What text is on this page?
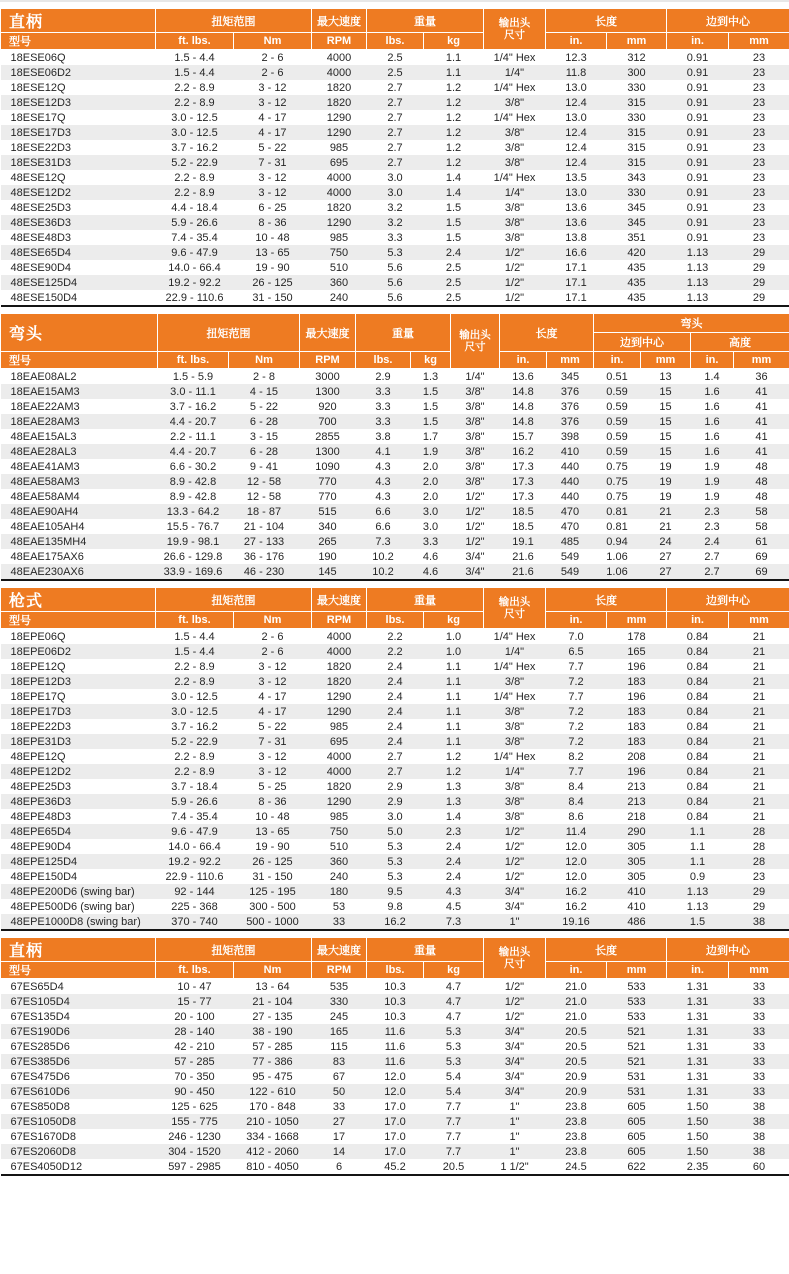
直柄	扭矩范围		最大速度	重量		输出头
尺寸	长度		边到中心	
型号	ft. lbs.	Nm	RPM	lbs.	kg		in.	mm	in.	mm
18ESE06Q	1.5 - 4.4	2 - 6	4000	2.5	1.1	1/4" Hex	12.3	312	0.91	23
18ESE06D2	1.5 - 4.4	2 - 6	4000	2.5	1.1	1/4"	11.8	300	0.91	23
18ESE12Q	2.2 - 8.9	3 - 12	1820	2.7	1.2	1/4" Hex	13.0	330	0.91	23
18ESE12D3	2.2 - 8.9	3 - 12	1820	2.7	1.2	3/8"	12.4	315	0.91	23
18ESE17Q	3.0 - 12.5	4 - 17	1290	2.7	1.2	1/4" Hex	13.0	330	0.91	23
18ESE17D3	3.0 - 12.5	4 - 17	1290	2.7	1.2	3/8"	12.4	315	0.91	23
18ESE22D3	3.7 - 16.2	5 - 22	985	2.7	1.2	3/8"	12.4	315	0.91	23
18ESE31D3	5.2 - 22.9	7 - 31	695	2.7	1.2	3/8"	12.4	315	0.91	23
48ESE12Q	2.2 - 8.9	3 - 12	4000	3.0	1.4	1/4" Hex	13.5	343	0.91	23
48ESE12D2	2.2 - 8.9	3 - 12	4000	3.0	1.4	1/4"	13.0	330	0.91	23
48ESE25D3	4.4 - 18.4	6 - 25	1820	3.2	1.5	3/8"	13.6	345	0.91	23
48ESE36D3	5.9 - 26.6	8 - 36	1290	3.2	1.5	3/8"	13.6	345	0.91	23
48ESE48D3	7.4 - 35.4	10 - 48	985	3.3	1.5	3/8"	13.8	351	0.91	23
48ESE65D4	9.6 - 47.9	13 - 65	750	5.3	2.4	1/2"	16.6	420	1.13	29
48ESE90D4	14.0 - 66.4	19 - 90	510	5.6	2.5	1/2"	17.1	435	1.13	29
48ESE125D4	19.2 - 92.2	26 - 125	360	5.6	2.5	1/2"	17.1	435	1.13	29
48ESE150D4	22.9 - 110.6	31 - 150	240	5.6	2.5	1/2"	17.1	435	1.13	29
弯头	扭矩范围		最大速度	重量		输出头
尺寸	长度		弯头			
									边到中心		高度	
型号	ft. lbs.	Nm	RPM	lbs.	kg		in.	mm	in.	mm	in.	mm
18EAE08AL2	1.5 - 5.9	2 - 8	3000	2.9	1.3	1/4"	13.6	345	0.51	13	1.4	36
18EAE15AM3	3.0 - 11.1	4 - 15	1300	3.3	1.5	3/8"	14.8	376	0.59	15	1.6	41
18EAE22AM3	3.7 - 16.2	5 - 22	920	3.3	1.5	3/8"	14.8	376	0.59	15	1.6	41
18EAE28AM3	4.4 - 20.7	6 - 28	700	3.3	1.5	3/8"	14.8	376	0.59	15	1.6	41
48EAE15AL3	2.2 - 11.1	3 - 15	2855	3.8	1.7	3/8"	15.7	398	0.59	15	1.6	41
48EAE28AL3	4.4 - 20.7	6 - 28	1300	4.1	1.9	3/8"	16.2	410	0.59	15	1.6	41
48EAE41AM3	6.6 - 30.2	9 - 41	1090	4.3	2.0	3/8"	17.3	440	0.75	19	1.9	48
48EAE58AM3	8.9 - 42.8	12 - 58	770	4.3	2.0	3/8"	17.3	440	0.75	19	1.9	48
48EAE58AM4	8.9 - 42.8	12 - 58	770	4.3	2.0	1/2"	17.3	440	0.75	19	1.9	48
48EAE90AH4	13.3 - 64.2	18 - 87	515	6.6	3.0	1/2"	18.5	470	0.81	21	2.3	58
48EAE105AH4	15.5 - 76.7	21 - 104	340	6.6	3.0	1/2"	18.5	470	0.81	21	2.3	58
48EAE135MH4	19.9 - 98.1	27 - 133	265	7.3	3.3	1/2"	19.1	485	0.94	24	2.4	61
48EAE175AX6	26.6 - 129.8	36 - 176	190	10.2	4.6	3/4"	21.6	549	1.06	27	2.7	69
48EAE230AX6	33.9 - 169.6	46 - 230	145	10.2	4.6	3/4"	21.6	549	1.06	27	2.7	69
枪式	扭矩范围		最大速度	重量		输出头
尺寸	长度		边到中心	
型号	ft. lbs.	Nm	RPM	lbs.	kg		in.	mm	in.	mm
18EPE06Q	1.5 - 4.4	2 - 6	4000	2.2	1.0	1/4" Hex	7.0	178	0.84	21
18EPE06D2	1.5 - 4.4	2 - 6	4000	2.2	1.0	1/4"	6.5	165	0.84	21
18EPE12Q	2.2 - 8.9	3 - 12	1820	2.4	1.1	1/4" Hex	7.7	196	0.84	21
18EPE12D3	2.2 - 8.9	3 - 12	1820	2.4	1.1	3/8"	7.2	183	0.84	21
18EPE17Q	3.0 - 12.5	4 - 17	1290	2.4	1.1	1/4" Hex	7.7	196	0.84	21
18EPE17D3	3.0 - 12.5	4 - 17	1290	2.4	1.1	3/8"	7.2	183	0.84	21
18EPE22D3	3.7 - 16.2	5 - 22	985	2.4	1.1	3/8"	7.2	183	0.84	21
18EPE31D3	5.2 - 22.9	7 - 31	695	2.4	1.1	3/8"	7.2	183	0.84	21
48EPE12Q	2.2 - 8.9	3 - 12	4000	2.7	1.2	1/4" Hex	8.2	208	0.84	21
48EPE12D2	2.2 - 8.9	3 - 12	4000	2.7	1.2	1/4"	7.7	196	0.84	21
48EPE25D3	3.7 - 18.4	5 - 25	1820	2.9	1.3	3/8"	8.4	213	0.84	21
48EPE36D3	5.9 - 26.6	8 - 36	1290	2.9	1.3	3/8"	8.4	213	0.84	21
48EPE48D3	7.4 - 35.4	10 - 48	985	3.0	1.4	3/8"	8.6	218	0.84	21
48EPE65D4	9.6 - 47.9	13 - 65	750	5.0	2.3	1/2"	11.4	290	1.1	28
48EPE90D4	14.0 - 66.4	19 - 90	510	5.3	2.4	1/2"	12.0	305	1.1	28
48EPE125D4	19.2 - 92.2	26 - 125	360	5.3	2.4	1/2"	12.0	305	1.1	28
48EPE150D4	22.9 - 110.6	31 - 150	240	5.3	2.4	1/2"	12.0	305	0.9	23
48EPE200D6 (swing bar)	92 - 144	125 - 195	180	9.5	4.3	3/4"	16.2	410	1.13	29
48EPE500D6 (swing bar)	225 - 368	300 - 500	53	9.8	4.5	3/4"	16.2	410	1.13	29
48EPE1000D8 (swing bar)	370 - 740	500 - 1000	33	16.2	7.3	1"	19.16	486	1.5	38
直柄	扭矩范围		最大速度	重量		输出头
尺寸	长度		边到中心	
型号	ft. lbs.	Nm	RPM	lbs.	kg		in.	mm	in.	mm
67ES65D4	10 - 47	13 - 64	535	10.3	4.7	1/2"	21.0	533	1.31	33
67ES105D4	15 - 77	21 - 104	330	10.3	4.7	1/2"	21.0	533	1.31	33
67ES135D4	20 - 100	27 - 135	245	10.3	4.7	1/2"	21.0	533	1.31	33
67ES190D6	28 - 140	38 - 190	165	11.6	5.3	3/4"	20.5	521	1.31	33
67ES285D6	42 - 210	57 - 285	115	11.6	5.3	3/4"	20.5	521	1.31	33
67ES385D6	57 - 285	77 - 386	83	11.6	5.3	3/4"	20.5	521	1.31	33
67ES475D6	70 - 350	95 - 475	67	12.0	5.4	3/4"	20.9	531	1.31	33
67ES610D6	90 - 450	122 - 610	50	12.0	5.4	3/4"	20.9	531	1.31	33
67ES850D8	125 - 625	170 - 848	33	17.0	7.7	1"	23.8	605	1.50	38
67ES1050D8	155 - 775	210 - 1050	27	17.0	7.7	1"	23.8	605	1.50	38
67ES1670D8	246 - 1230	334 - 1668	17	17.0	7.7	1"	23.8	605	1.50	38
67ES2060D8	304 - 1520	412 - 2060	14	17.0	7.7	1"	23.8	605	1.50	38
67ES4050D12	597 - 2985	810 - 4050	6	45.2	20.5	1 1/2"	24.5	622	2.35	60
